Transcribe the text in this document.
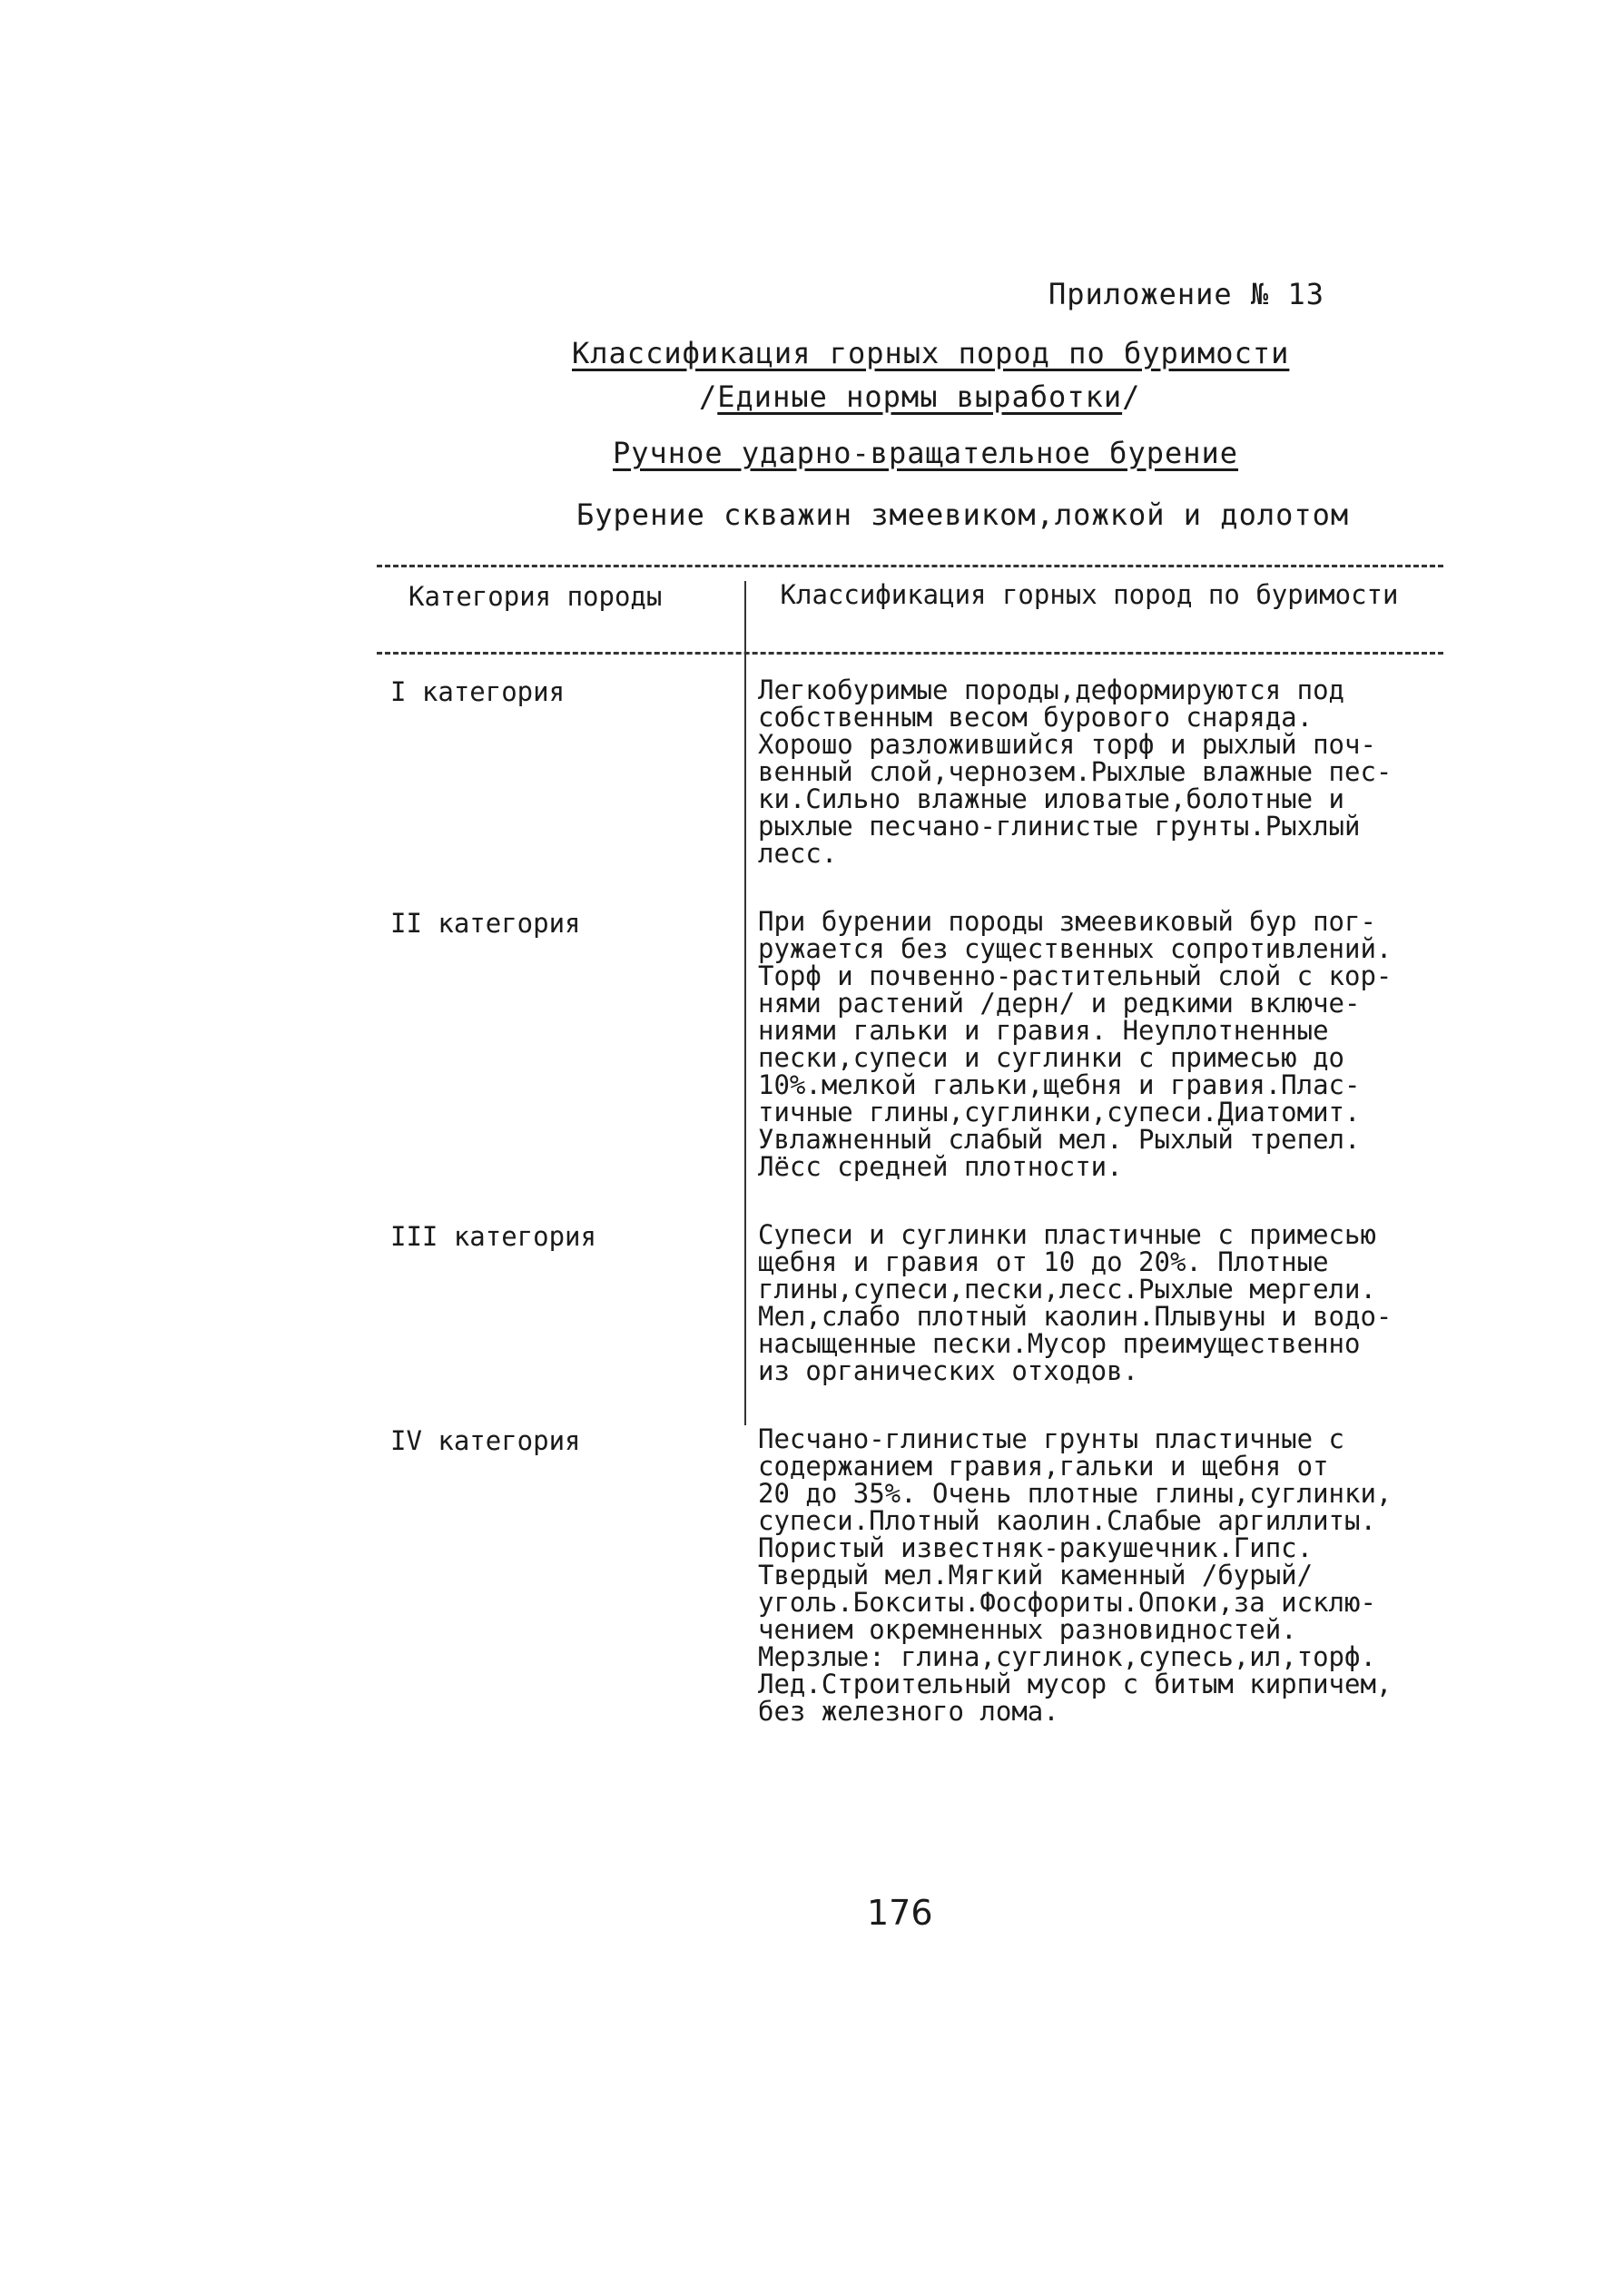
Приложение № 13
Классификация горных пород по буримости
/Единые нормы выработки/
Ручное ударно-вращательное бурение
Бурение скважин змеевиком,ложкой и долотом
Категория породы	Классификация горных пород по буримости
I категория	Легкобуримые породы,деформируются под
собственным весом бурового снаряда.
Хорошо разложившийся торф и рыхлый поч-
венный слой,чернозем.Рыхлые влажные пес-
ки.Сильно влажные иловатые,болотные и
рыхлые песчано-глинистые грунты.Рыхлый
лесс.
II категория	При бурении породы змеевиковый бур пог-
ружается без существенных сопротивлений.
Торф и почвенно-растительный слой с кор-
нями растений /дерн/ и редкими включе-
ниями гальки и гравия. Неуплотненные
пески,супеси и суглинки с примесью до
10%.мелкой гальки,щебня и гравия.Плас-
тичные глины,суглинки,супеси.Диатомит.
Увлажненный слабый мел. Рыхлый трепел.
Лёсс средней плотности.
III категория	Супеси и суглинки пластичные с примесью
щебня и гравия от 10 до 20%. Плотные
глины,супеси,пески,лесс.Рыхлые мергели.
Мел,слабо плотный каолин.Плывуны и водо-
насыщенные пески.Мусор преимущественно
из органических отходов.
IV категория	Песчано-глинистые грунты пластичные с
содержанием гравия,гальки и щебня от
20 до 35%. Очень плотные глины,суглинки,
супеси.Плотный каолин.Слабые аргиллиты.
Пористый известняк-ракушечник.Гипс.
Твердый мел.Мягкий каменный /бурый/
уголь.Бокситы.Фосфориты.Опоки,за исклю-
чением окремненных разновидностей.
Мерзлые: глина,суглинок,супесь,ил,торф.
Лед.Строительный мусор с битым кирпичем,
без железного лома.
176
